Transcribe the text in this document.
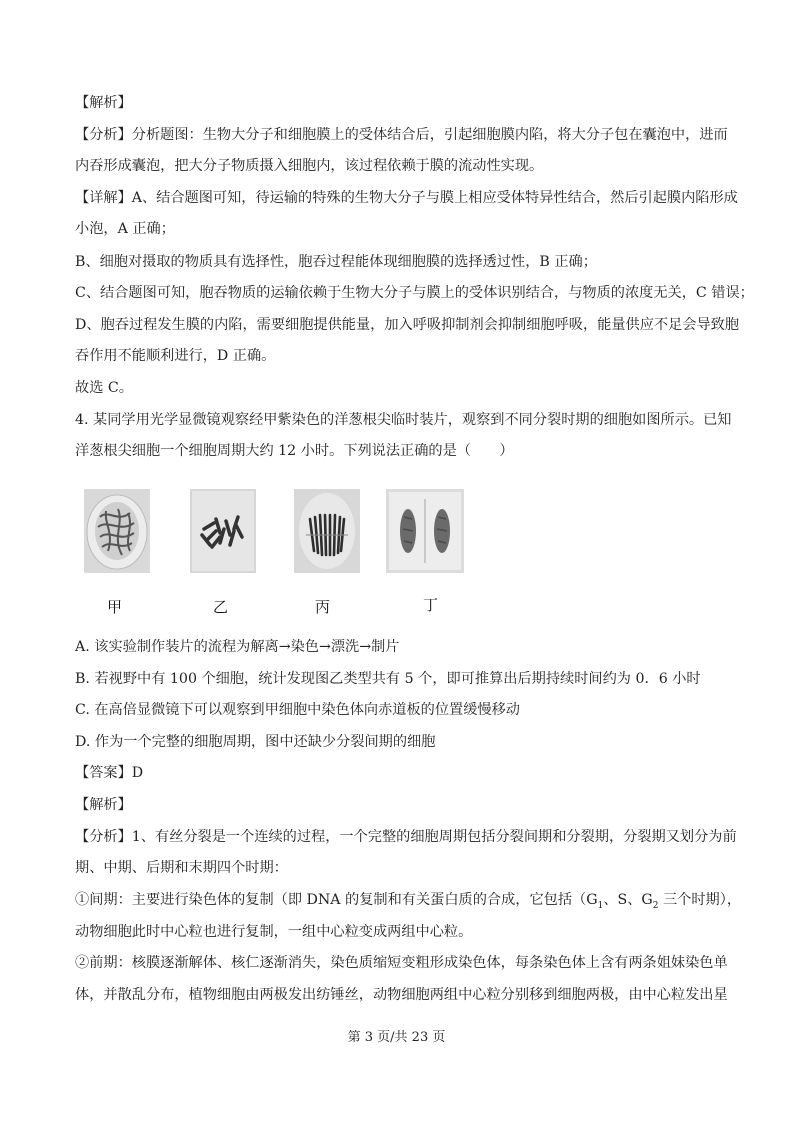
【解析】
【分析】分析题图：生物大分子和细胞膜上的受体结合后，引起细胞膜内陷，将大分子包在囊泡中，进而
内吞形成囊泡，把大分子物质摄入细胞内，该过程依赖于膜的流动性实现。
【详解】A、结合题图可知，待运输的特殊的生物大分子与膜上相应受体特异性结合，然后引起膜内陷形成
小泡，A 正确；
B、细胞对摄取的物质具有选择性，胞吞过程能体现细胞膜的选择透过性，B 正确；
C、结合题图可知，胞吞物质的运输依赖于生物大分子与膜上的受体识别结合，与物质的浓度无关，C 错误；
D、胞吞过程发生膜的内陷，需要细胞提供能量，加入呼吸抑制剂会抑制细胞呼吸，能量供应不足会导致胞
吞作用不能顺利进行，D 正确。
故选 C。
4. 某同学用光学显微镜观察经甲紫染色的洋葱根尖临时装片，观察到不同分裂时期的细胞如图所示。已知
洋葱根尖细胞一个细胞周期大约 12 小时。下列说法正确的是（　　）
甲	乙	丙	丁
A. 该实验制作装片的流程为解离→染色→漂洗→制片
B. 若视野中有 100 个细胞，统计发现图乙类型共有 5 个，即可推算出后期持续时间约为 0．6 小时
C. 在高倍显微镜下可以观察到甲细胞中染色体向赤道板的位置缓慢移动
D. 作为一个完整的细胞周期，图中还缺少分裂间期的细胞
【答案】D
【解析】
【分析】1、有丝分裂是一个连续的过程，一个完整的细胞周期包括分裂间期和分裂期，分裂期又划分为前
期、中期、后期和末期四个时期：
①间期：主要进行染色体的复制（即 DNA 的复制和有关蛋白质的合成，它包括（$G_1$、S、$G_2$ 三个时期），
动物细胞此时中心粒也进行复制，一组中心粒变成两组中心粒。
②前期：核膜逐渐解体、核仁逐渐消失，染色质缩短变粗形成染色体，每条染色体上含有两条姐妹染色单
体，并散乱分布，植物细胞由两极发出纺锤丝，动物细胞两组中心粒分别移到细胞两极，由中心粒发出星
第 3 页/共 23 页
